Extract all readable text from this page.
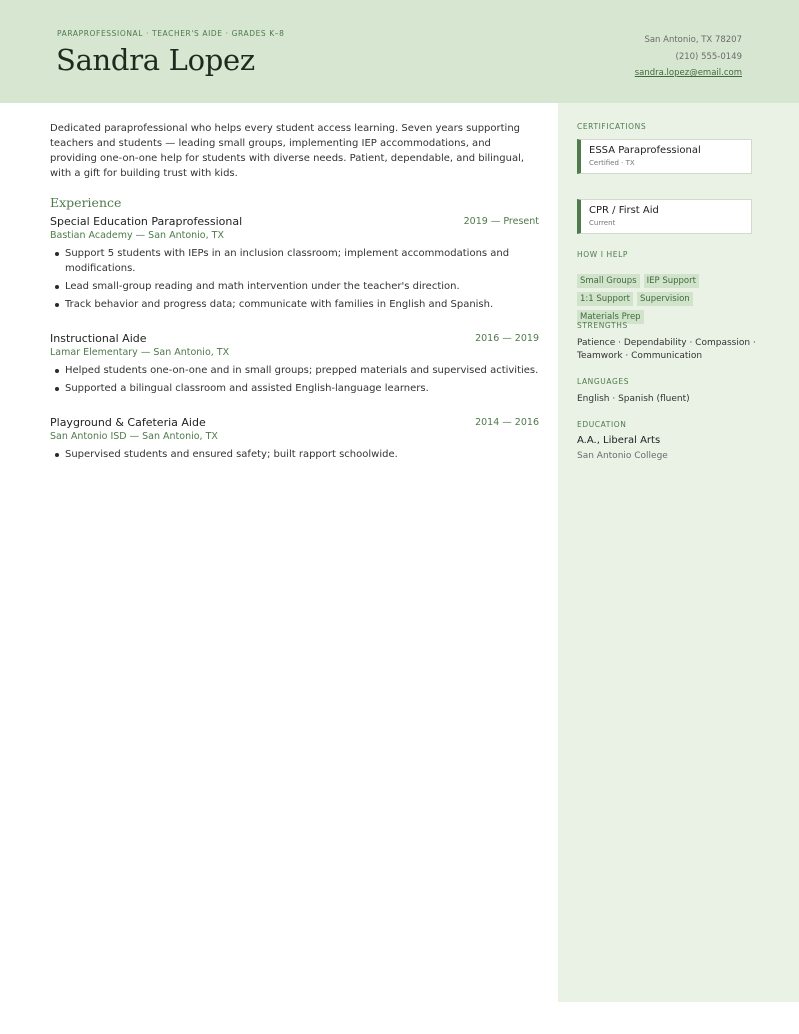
PARAPROFESSIONAL · TEACHER'S AIDE · GRADES K–8
Sandra Lopez
San Antonio, TX 78207
(210) 555-0149
sandra.lopez@email.com

Dedicated paraprofessional who helps every student access learning. Seven years supporting teachers and students — leading small groups, implementing IEP accommodations, and providing one-on-one help for students with diverse needs. Patient, dependable, and bilingual, with a gift for building trust with kids.

Experience
Special Education Paraprofessional	2019 — Present
Bastian Academy — San Antonio, TX
Support 5 students with IEPs in an inclusion classroom; implement accommodations and modifications.
Lead small-group reading and math intervention under the teacher's direction.
Track behavior and progress data; communicate with families in English and Spanish.
Instructional Aide	2016 — 2019
Lamar Elementary — San Antonio, TX
Helped students one-on-one and in small groups; prepped materials and supervised activities.
Supported a bilingual classroom and assisted English-language learners.
Playground & Cafeteria Aide	2014 — 2016
San Antonio ISD — San Antonio, TX
Supervised students and ensured safety; built rapport schoolwide.
CERTIFICATIONS
ESSA Paraprofessional
Certified · TX
CPR / First Aid
Current
HOW I HELP
Small Groups	IEP Support
1:1 Support	Supervision
Materials Prep
STRENGTHS
Patience · Dependability · Compassion · Teamwork · Communication
LANGUAGES
English · Spanish (fluent)
EDUCATION
A.A., Liberal Arts
San Antonio College
